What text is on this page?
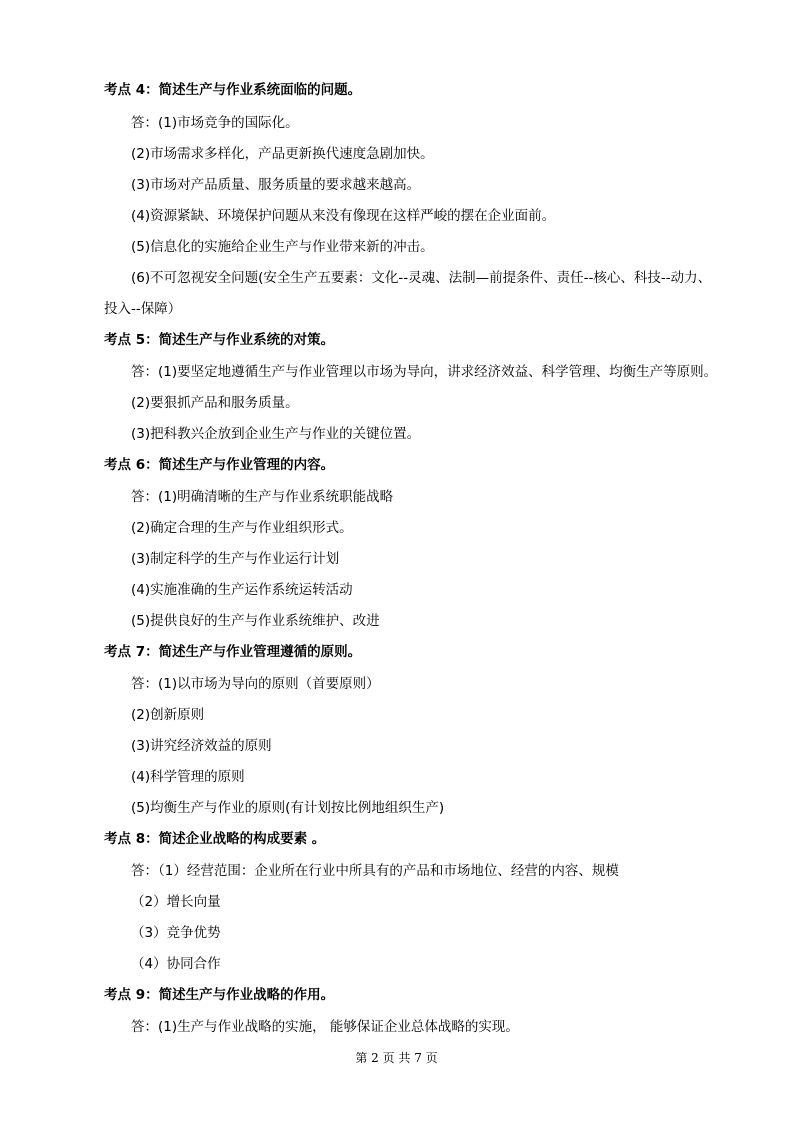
考点 4：简述生产与作业系统面临的问题。
答：(1)市场竞争的国际化。
(2)市场需求多样化，产品更新换代速度急剧加快。
(3)市场对产品质量、服务质量的要求越来越高。
(4)资源紧缺、环境保护问题从来没有像现在这样严峻的摆在企业面前。
(5)信息化的实施给企业生产与作业带来新的冲击。
(6)不可忽视安全问题(安全生产五要素：文化--灵魂、法制—前提条件、责任--核心、科技--动力、
投入--保障）
考点 5：简述生产与作业系统的对策。
答：(1)要坚定地遵循生产与作业管理以市场为导向，讲求经济效益、科学管理、均衡生产等原则。
(2)要狠抓产品和服务质量。
(3)把科教兴企放到企业生产与作业的关键位置。
考点 6：简述生产与作业管理的内容。
答：(1)明确清晰的生产与作业系统职能战略
(2)确定合理的生产与作业组织形式。
(3)制定科学的生产与作业运行计划
(4)实施准确的生产运作系统运转活动
(5)提供良好的生产与作业系统维护、改进
考点 7：简述生产与作业管理遵循的原则。
答：(1)以市场为导向的原则（首要原则）
(2)创新原则
(3)讲究经济效益的原则
(4)科学管理的原则
(5)均衡生产与作业的原则(有计划按比例地组织生产)
考点 8：简述企业战略的构成要素 。
答：（1）经营范围：企业所在行业中所具有的产品和市场地位、经营的内容、规模
（2）增长向量
（3）竞争优势
（4）协同合作
考点 9：简述生产与作业战略的作用。
答：(1)生产与作业战略的实施， 能够保证企业总体战略的实现。
第 2 页 共 7 页
